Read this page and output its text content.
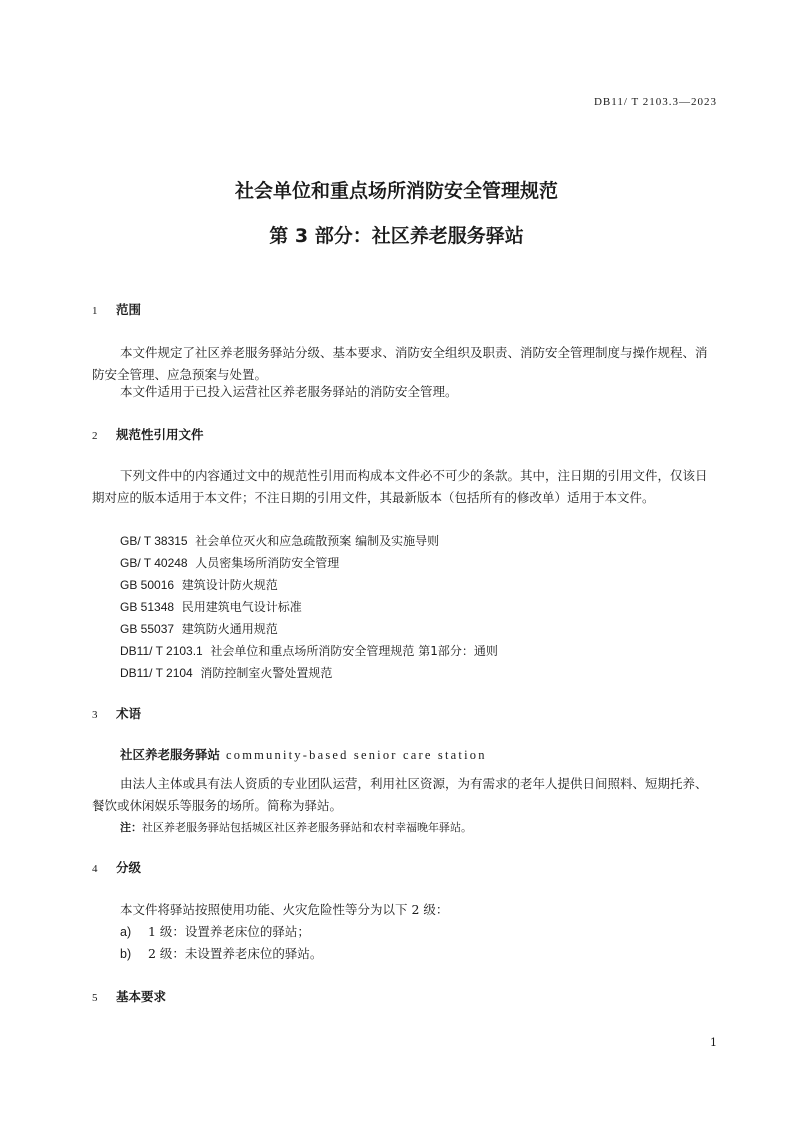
DB11/ T 2103.3—2023
社会单位和重点场所消防安全管理规范
第 3 部分：社区养老服务驿站
1 范围
本文件规定了社区养老服务驿站分级、基本要求、消防安全组织及职责、消防安全管理制度与操作规程、消防安全管理、应急预案与处置。
本文件适用于已投入运营社区养老服务驿站的消防安全管理。
2 规范性引用文件
下列文件中的内容通过文中的规范性引用而构成本文件必不可少的条款。其中，注日期的引用文件，仅该日期对应的版本适用于本文件；不注日期的引用文件，其最新版本（包括所有的修改单）适用于本文件。
GB/ T 38315 社会单位灭火和应急疏散预案 编制及实施导则
GB/ T 40248 人员密集场所消防安全管理
GB 50016 建筑设计防火规范
GB 51348 民用建筑电气设计标准
GB 55037 建筑防火通用规范
DB11/ T 2103.1 社会单位和重点场所消防安全管理规范 第1部分：通则
DB11/ T 2104 消防控制室火警处置规范
3 术语
社区养老服务驿站 community-based senior care station
由法人主体或具有法人资质的专业团队运营，利用社区资源，为有需求的老年人提供日间照料、短期托养、餐饮或休闲娱乐等服务的场所。简称为驿站。
注：社区养老服务驿站包括城区社区养老服务驿站和农村幸福晚年驿站。
4 分级
本文件将驿站按照使用功能、火灾危险性等分为以下 2 级：
a) 1 级：设置养老床位的驿站；
b) 2 级：未设置养老床位的驿站。
5 基本要求
1
